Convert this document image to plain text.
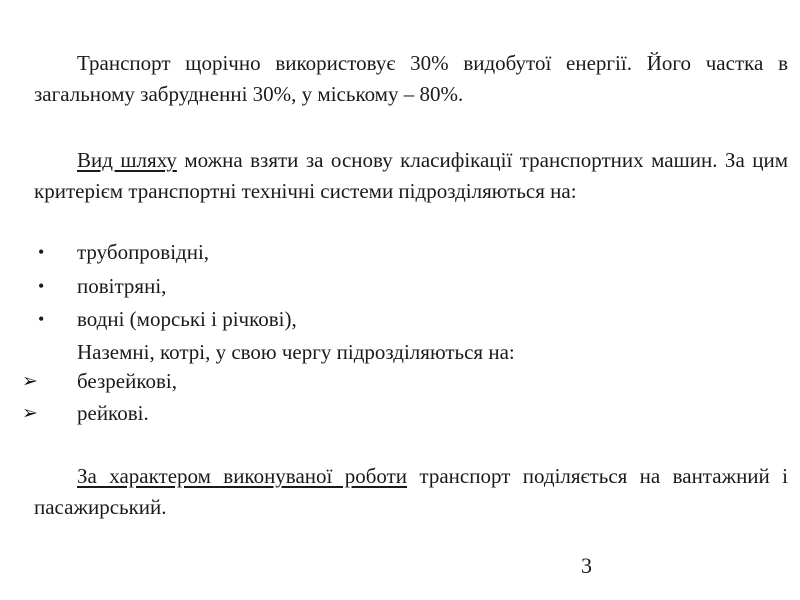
Транспорт щорічно використовує 30% видобутої енергії. Його частка в загальному забрудненні 30%, у міському – 80%.

Вид шляху можна взяти за основу класифікації транспортних машин. За цим критерієм транспортні технічні системи підрозділяються на:

• трубопровідні,
• повітряні,
• водні (морські і річкові),
Наземні, котрі, у свою чергу підрозділяються на:
➢ безрейкові,
➢ рейкові.

За характером виконуваної роботи транспорт поділяється на вантажний і пасажирський.

3
